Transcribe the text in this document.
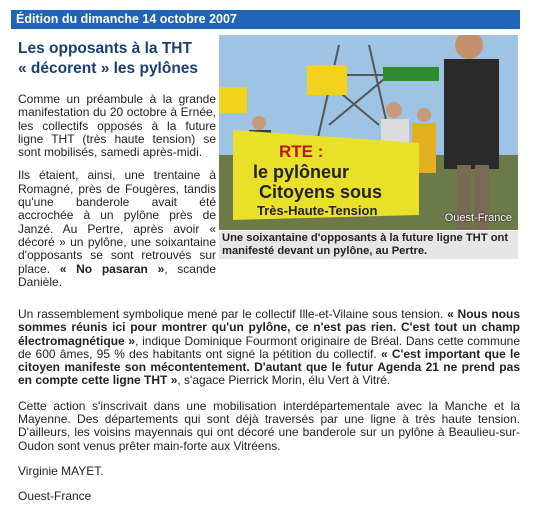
Édition du dimanche 14 octobre 2007
Les opposants à la THT
« décorent » les pylônes

Comme un préambule à la grande manifestation du 20 octobre à Ernée, les collectifs opposés à la future ligne THT (très haute tension) se sont mobilisés, samedi après-midi.

Ils étaient, ainsi, une trentaine à Romagné, près de Fougères, tandis qu'une banderole avait été accrochée à un pylône près de Janzé. Au Pertre, après avoir « décoré » un pylône, une soixantaine d'opposants se sont retrouvés sur place. « No pasaran », scande Danièle.

RTE :
le pylôneur
Citoyens sous
Très-Haute-Tension	Ouest-France
Une soixantaine d'opposants à la future ligne THT ont manifesté devant un pylône, au Pertre.

Un rassemblement symbolique mené par le collectif Ille-et-Vilaine sous tension. « Nous nous sommes réunis ici pour montrer qu'un pylône, ce n'est pas rien. C'est tout un champ électromagnétique », indique Dominique Fourmont originaire de Bréal. Dans cette commune de 600 âmes, 95 % des habitants ont signé la pétition du collectif. « C'est important que le citoyen manifeste son mécontentement. D'autant que le futur Agenda 21 ne prend pas en compte cette ligne THT », s'agace Pierrick Morin, élu Vert à Vitré.

Cette action s'inscrivait dans une mobilisation interdépartementale avec la Manche et la Mayenne. Des départements qui sont déjà traversés par une ligne à très haute tension. D'ailleurs, les voisins mayennais qui ont décoré une banderole sur un pylône à Beaulieu-sur-Oudon sont venus prêter main-forte aux Vitréens.

Virginie MAYET.

Ouest-France
